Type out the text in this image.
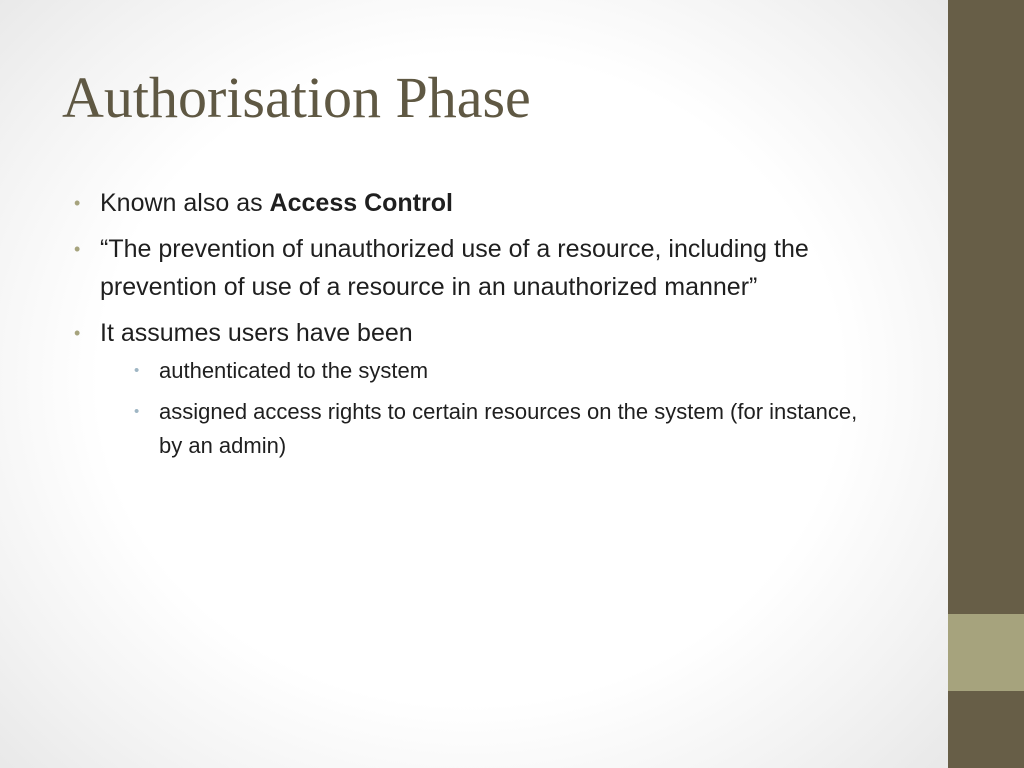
Authorisation Phase
• Known also as Access Control
• “The prevention of unauthorized use of a resource, including the prevention of use of a resource in an unauthorized manner”
• It assumes users have been
• authenticated to the system
• assigned access rights to certain resources on the system (for instance, by an admin)
